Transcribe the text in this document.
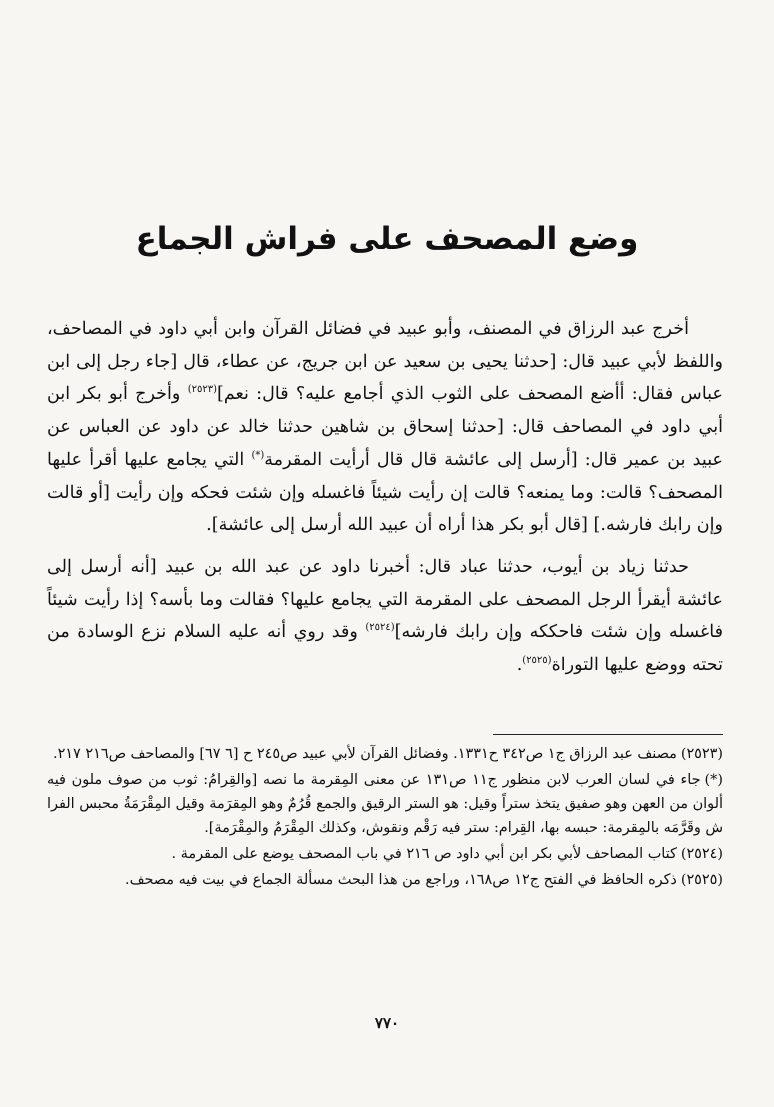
وضع المصحف على فراش الجماع

أخرج عبد الرزاق في المصنف، وأبو عبيد في فضائل القرآن وابن أبي داود في المصاحف، واللفظ لأبي عبيد قال: [حدثنا يحيى بن سعيد عن ابن جريج، عن عطاء، قال [جاء رجل إلى ابن عباس فقال: أأضع المصحف على الثوب الذي أجامع عليه؟ قال: نعم]$^{(٢٥٢٣)}$ وأخرج أبو بكر ابن أبي داود في المصاحف قال: [حدثنا إسحاق بن شاهين حدثنا خالد عن داود عن العباس عن عبيد بن عمير قال: [أرسل إلى عائشة قال قال أرأيت المقرمة(*) التي يجامع عليها أقرأ عليها المصحف؟ قالت: وما يمنعه؟ قالت إن رأيت شيئاً فاغسله وإن شئت فحكه وإن رأيت [أو قالت وإن رابك فارشه.] [قال أبو بكر هذا أراه أن عبيد الله أرسل إلى عائشة].

حدثنا زياد بن أيوب، حدثنا عباد قال: أخبرنا داود عن عبد الله بن عبيد [أنه أرسل إلى عائشة أيقرأ الرجل المصحف على المقرمة التي يجامع عليها؟ فقالت وما بأسه؟ إذا رأيت شيئاً فاغسله وإن شئت فاحككه وإن رابك فارشه]$^{(٢٥٢٤)}$ وقد روي أنه عليه السلام نزع الوسادة من تحته ووضع عليها التوراة$^{(٢٥٢٥)}$.

(٢٥٢٣)مصنف عبد الرزاق ج١ ص٣٤٢ ح١٣٣١. وفضائل القرآن لأبي عبيد ص٢٤٥ ح [٦ ٦٧] والمصاحف ص٢١٦ ٢١٧.

(*)جاء في لسان العرب لابن منظور ج١١ ص١٣١ عن معنى المِقرمة ما نصه [والقِرامُ: ثوب من صوف ملون فيه ألوان من العهن وهو صفيق يتخذ ستراً وقيل: هو الستر الرقيق والجمع قُرُمٌ وهو المِقرَمة وقيل المِقْرَمَةُ محبس الفرا ش وقَرَّمَه بالمِقرمة: حبسه بها، القِرام: ستر فيه رَقْم ونقوش، وكذلك المِقْرَمُ والمِقْرَمة].

(٢٥٢٤)كتاب المصاحف لأبي بكر ابن أبي داود ص ٢١٦ في باب المصحف يوضع على المقرمة .

(٢٥٢٥)ذكره الحافظ في الفتح ج١٢ ص١٦٨، وراجع من هذا البحث مسألة الجماع في بيت فيه مصحف.

٧٧٠
